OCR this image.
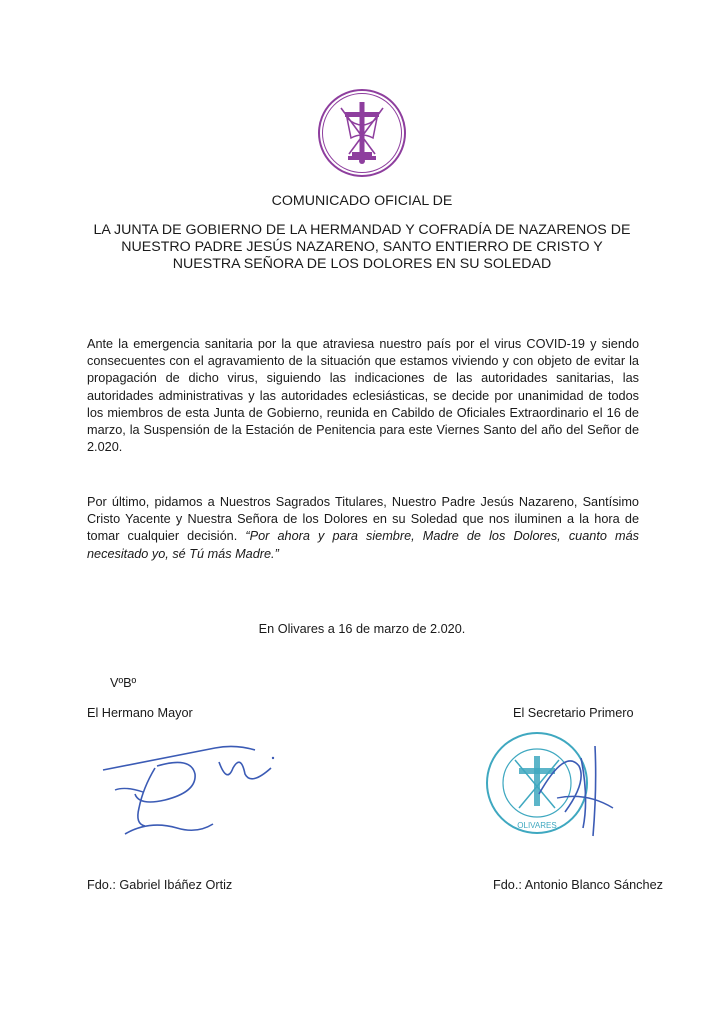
COMUNICADO OFICIAL DE
LA JUNTA DE GOBIERNO DE LA HERMANDAD Y COFRADÍA DE NAZARENOS DE
NUESTRO PADRE JESÚS NAZARENO, SANTO ENTIERRO DE CRISTO Y
NUESTRA SEÑORA DE LOS DOLORES EN SU SOLEDAD
Ante la emergencia sanitaria por la que atraviesa nuestro país por el virus COVID-19 y siendo consecuentes con el agravamiento de la situación que estamos viviendo y con objeto de evitar la propagación de dicho virus, siguiendo las indicaciones de las autoridades sanitarias, las autoridades administrativas y las autoridades eclesiásticas, se decide por unanimidad de todos los miembros de esta Junta de Gobierno, reunida en Cabildo de Oficiales Extraordinario el 16 de marzo, la Suspensión de la Estación de Penitencia para este Viernes Santo del año del Señor de 2.020.
Por último, pidamos a Nuestros Sagrados Titulares, Nuestro Padre Jesús Nazareno, Santísimo Cristo Yacente y Nuestra Señora de los Dolores en su Soledad que nos iluminen a la hora de tomar cualquier decisión. “Por ahora y para siembre, Madre de los Dolores, cuanto más necesitado yo, sé Tú más Madre.”
En Olivares a 16 de marzo de 2.020.
VºBº
El Hermano Mayor	El Secretario Primero
OLIVARES
Fdo.: Gabriel Ibáñez Ortiz	Fdo.: Antonio Blanco Sánchez
